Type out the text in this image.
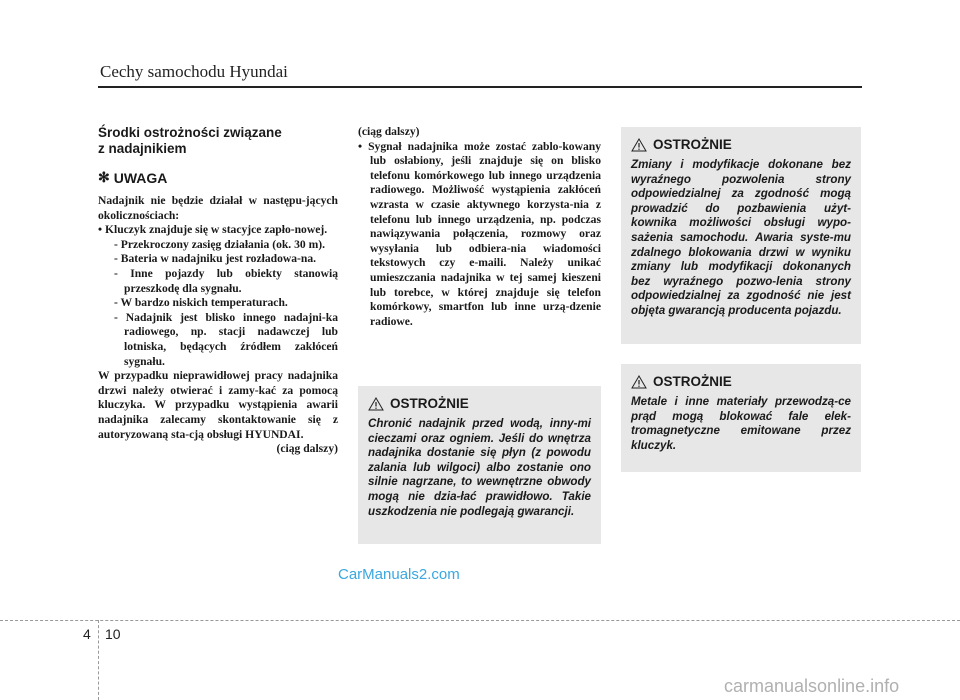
Cechy samochodu Hyundai

Środki ostrożności związane
z nadajnikiem

✻ UWAGA

Nadajnik nie będzie działał w następu-jących okolicznościach:

• Kluczyk znajduje się w stacyjce zapło-nowej.

- Przekroczony zasięg działania (ok. 30 m).

- Bateria w nadajniku jest rozładowa-na.

- Inne pojazdy lub obiekty stanowią przeszkodę dla sygnału.

- W bardzo niskich temperaturach.

- Nadajnik jest blisko innego nadajni-ka radiowego, np. stacji nadawczej lub lotniska, będących źródłem zakłóceń sygnału.

W przypadku nieprawidłowej pracy nadajnika drzwi należy otwierać i zamy-kać za pomocą kluczyka. W przypadku wystąpienia awarii nadajnika zalecamy skontaktowanie się z autoryzowaną sta-cją obsługi HYUNDAI.

(ciąg dalszy)

(ciąg dalszy)

• Sygnał nadajnika może zostać zablo-kowany lub osłabiony, jeśli znajduje się on blisko telefonu komórkowego lub innego urządzenia radiowego. Możliwość wystąpienia zakłóceń wzrasta w czasie aktywnego korzysta-nia z telefonu lub innego urządzenia, np. podczas nawiązywania połączenia, rozmowy oraz wysyłania lub odbiera-nia wiadomości tekstowych czy e-maili. Należy unikać umieszczania nadajnika w tej samej kieszeni lub torebce, w której znajduje się telefon komórkowy, smartfon lub inne urzą-dzenie radiowe.

OSTROŻNIE
Chronić nadajnik przed wodą, inny-mi cieczami oraz ogniem. Jeśli do wnętrza nadajnika dostanie się płyn (z powodu zalania lub wilgoci) albo zostanie ono silnie nagrzane, to wewnętrzne obwody mogą nie dzia-łać prawidłowo. Takie uszkodzenia nie podlegają gwarancji.
OSTROŻNIE
Zmiany i modyfikacje dokonane bez wyraźnego pozwolenia strony odpowiedzialnej za zgodność mogą prowadzić do pozbawienia użyt-kownika możliwości obsługi wypo-sażenia samochodu. Awaria syste-mu zdalnego blokowania drzwi w wyniku zmiany lub modyfikacji dokonanych bez wyraźnego pozwo-lenia strony odpowiedzialnej za zgodność nie jest objęta gwarancją producenta pojazdu.
OSTROŻNIE
Metale i inne materiały przewodzą-ce prąd mogą blokować fale elek-tromagnetyczne emitowane przez kluczyk.
CarManuals2.com
4 10
carmanualsonline.info
